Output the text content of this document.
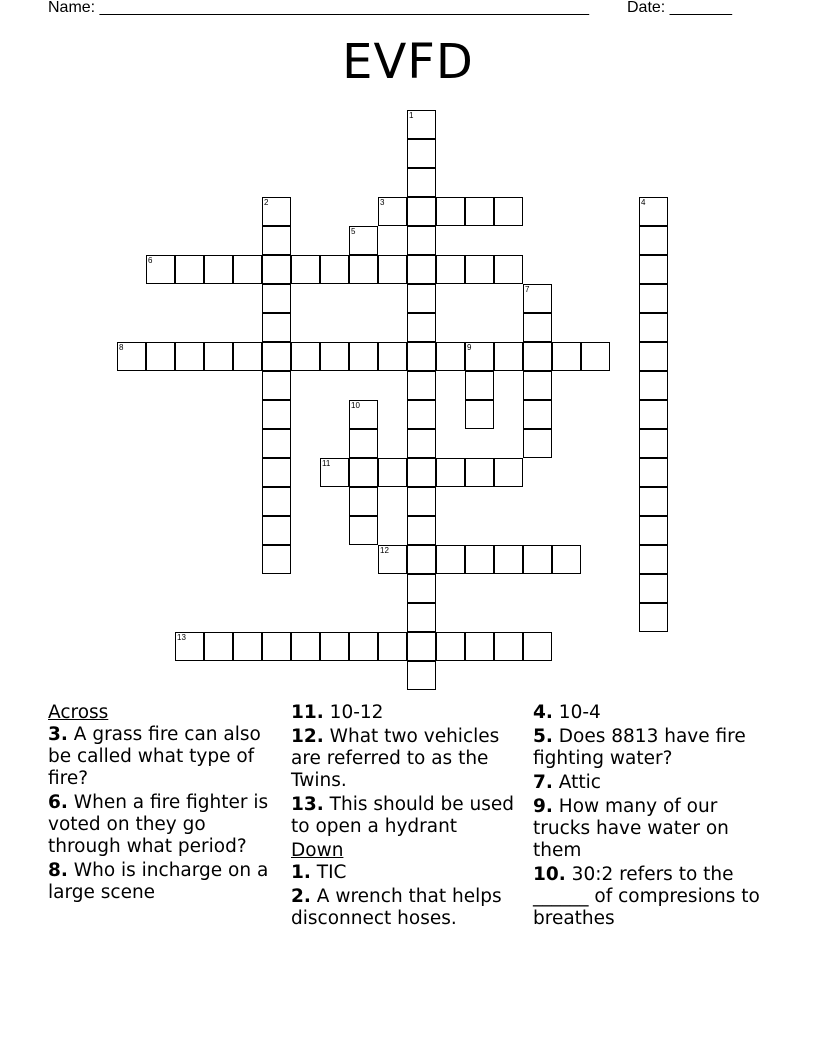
Name: _______________________________________________________ Date: _______
EVFD
1
2	3	4
5
6
7
8	9
10
11
12
13
Across
3. A grass fire can also be called what type of fire?
6. When a fire fighter is voted on they go through what period?
8. Who is incharge on a large scene
11. 10-12
12. What two vehicles are referred to as the Twins.
13. This should be used to open a hydrant
Down
1. TIC
2. A wrench that helps disconnect hoses.
4. 10-4
5. Does 8813 have fire fighting water?
7. Attic
9. How many of our trucks have water on them
10. 30:2 refers to the ______ of compresions to breathes
